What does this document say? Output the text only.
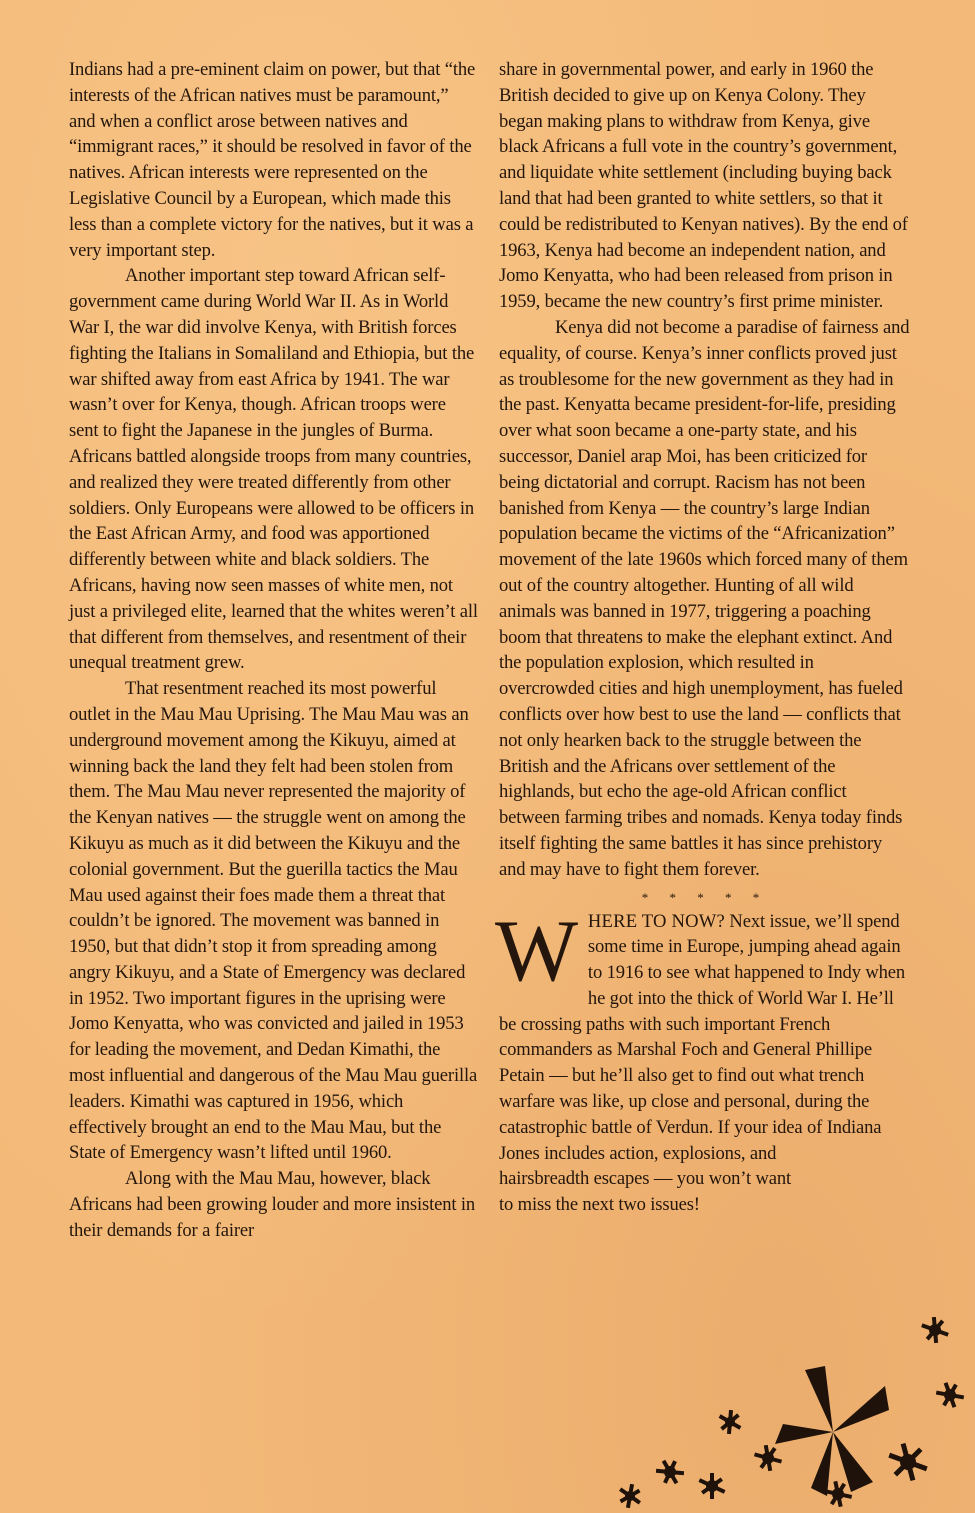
Indians had a pre-eminent claim on power, but that “the interests of the African natives must be paramount,” and when a conflict arose between natives and “immigrant races,” it should be resolved in favor of the natives. African interests were represented on the Legislative Council by a European, which made this less than a complete victory for the natives, but it was a very important step.

Another important step toward African self-government came during World War II. As in World War I, the war did involve Kenya, with British forces fighting the Italians in Somaliland and Ethiopia, but the war shifted away from east Africa by 1941. The war wasn’t over for Kenya, though. African troops were sent to fight the Japanese in the jungles of Burma. Africans battled alongside troops from many countries, and realized they were treated differently from other soldiers. Only Europeans were allowed to be officers in the East African Army, and food was apportioned differently between white and black soldiers. The Africans, having now seen masses of white men, not just a privileged elite, learned that the whites weren’t all that different from themselves, and resentment of their unequal treatment grew.

That resentment reached its most powerful outlet in the Mau Mau Uprising. The Mau Mau was an underground movement among the Kikuyu, aimed at winning back the land they felt had been stolen from them. The Mau Mau never represented the majority of the Kenyan natives — the struggle went on among the Kikuyu as much as it did between the Kikuyu and the colonial government. But the guerilla tactics the Mau Mau used against their foes made them a threat that couldn’t be ignored. The movement was banned in 1950, but that didn’t stop it from spreading among angry Kikuyu, and a State of Emergency was declared in 1952. Two important figures in the uprising were Jomo Kenyatta, who was convicted and jailed in 1953 for leading the movement, and Dedan Kimathi, the most influential and dangerous of the Mau Mau guerilla leaders. Kimathi was captured in 1956, which effectively brought an end to the Mau Mau, but the State of Emergency wasn’t lifted until 1960.

Along with the Mau Mau, however, black Africans had been growing louder and more insistent in their demands for a fairer

share in governmental power, and early in 1960 the British decided to give up on Kenya Colony. They began making plans to withdraw from Kenya, give black Africans a full vote in the country’s government, and liquidate white settlement (including buying back land that had been granted to white settlers, so that it could be redistributed to Kenyan natives). By the end of 1963, Kenya had become an independent nation, and Jomo Kenyatta, who had been released from prison in 1959, became the new country’s first prime minister.

Kenya did not become a paradise of fairness and equality, of course. Kenya’s inner conflicts proved just as troublesome for the new government as they had in the past. Kenyatta became president-for-life, presiding over what soon became a one-party state, and his successor, Daniel arap Moi, has been criticized for being dictatorial and corrupt. Racism has not been banished from Kenya — the country’s large Indian population became the victims of the “Africanization” movement of the late 1960s which forced many of them out of the country altogether. Hunting of all wild animals was banned in 1977, triggering a poaching boom that threatens to make the elephant extinct. And the population explosion, which resulted in overcrowded cities and high unemployment, has fueled conflicts over how best to use the land — conflicts that not only hearken back to the struggle between the British and the Africans over settlement of the highlands, but echo the age-old African conflict between farming tribes and nomads. Kenya today finds itself fighting the same battles it has since prehistory and may have to fight them forever.

* * * * *

WHERE TO NOW? Next issue, we’ll spend some time in Europe, jumping ahead again to 1916 to see what happened to Indy when he got into the thick of World War I. He’ll be crossing paths with such important French commanders as Marshal Foch and General Phillipe Petain — but he’ll also get to find out what trench warfare was like, up close and personal, during the catastrophic battle of Verdun. If your idea of Indiana Jones includes action, explosions, and

hairsbreadth escapes — you won’t want to miss the next two issues!
